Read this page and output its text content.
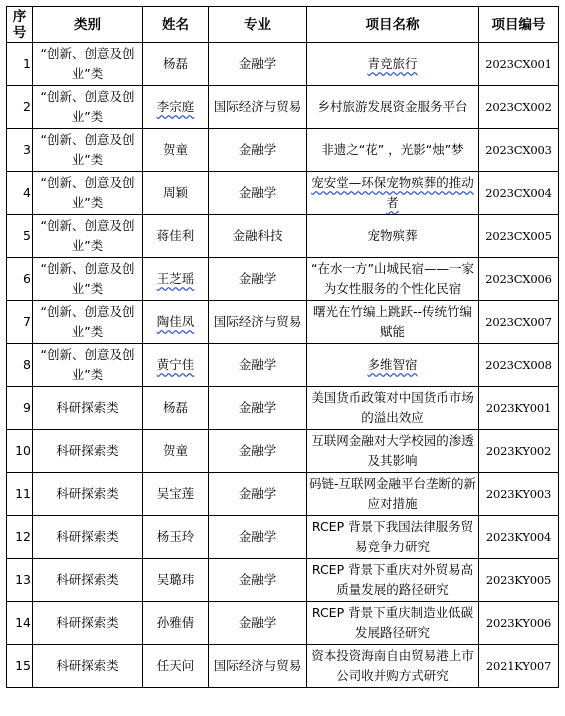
序号	类别	姓名	专业	项目名称	项目编号
1	“创新、创意及创业”类	杨磊	金融学	青竞旅行	2023CX001
2	“创新、创意及创业”类	李宗庭	国际经济与贸易	乡村旅游发展资金服务平台	2023CX002
3	“创新、创意及创业”类	贺童	金融学	非遗之“花” ，光影“烛”梦	2023CX003
4	“创新、创意及创业”类	周颖	金融学	宠安堂—环保宠物殡葬的推动者	2023CX004
5	“创新、创意及创业”类	蒋佳利	金融科技	宠物殡葬	2023CX005
6	“创新、创意及创业”类	王芝瑶	金融学	“在水一方”山城民宿——一家为女性服务的个性化民宿	2023CX006
7	“创新、创意及创业”类	陶佳凤	国际经济与贸易	曙光在竹编上跳跃--传统竹编赋能	2023CX007
8	“创新、创意及创业”类	黄宁佳	金融学	多维智宿	2023CX008
9	科研探索类	杨磊	金融学	美国货币政策对中国货币市场的溢出效应	2023KY001
10	科研探索类	贺童	金融学	互联网金融对大学校园的渗透及其影响	2023KY002
11	科研探索类	吴宝莲	金融学	码链-互联网金融平台垄断的新应对措施	2023KY003
12	科研探索类	杨玉玲	金融学	RCEP 背景下我国法律服务贸易竞争力研究	2023KY004
13	科研探索类	吴璐玮	金融学	RCEP 背景下重庆对外贸易高质量发展的路径研究	2023KY005
14	科研探索类	孙雅倩	金融学	RCEP 背景下重庆制造业低碳发展路径研究	2023KY006
15	科研探索类	任天问	国际经济与贸易	资本投资海南自由贸易港上市公司收并购方式研究	2021KY007
